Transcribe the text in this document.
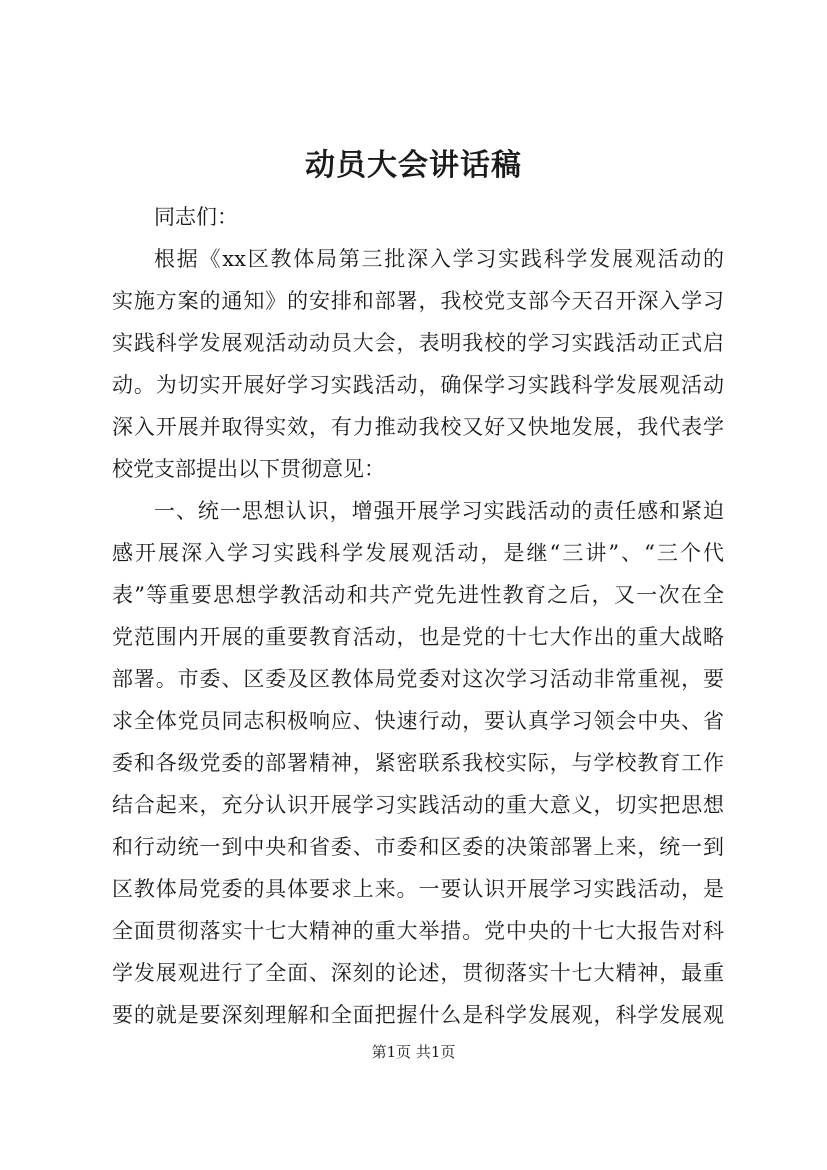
动员大会讲话稿
同志们：
根据《xx区教体局第三批深入学习实践科学发展观活动的
实施方案的通知》的安排和部署，我校党支部今天召开深入学习
实践科学发展观活动动员大会，表明我校的学习实践活动正式启
动。为切实开展好学习实践活动，确保学习实践科学发展观活动
深入开展并取得实效，有力推动我校又好又快地发展，我代表学
校党支部提出以下贯彻意见：
一、统一思想认识，增强开展学习实践活动的责任感和紧迫
感开展深入学习实践科学发展观活动，是继“三讲”、“三个代
表”等重要思想学教活动和共产党先进性教育之后，又一次在全
党范围内开展的重要教育活动，也是党的十七大作出的重大战略
部署。市委、区委及区教体局党委对这次学习活动非常重视，要
求全体党员同志积极响应、快速行动，要认真学习领会中央、省
委和各级党委的部署精神，紧密联系我校实际，与学校教育工作
结合起来，充分认识开展学习实践活动的重大意义，切实把思想
和行动统一到中央和省委、市委和区委的决策部署上来，统一到
区教体局党委的具体要求上来。一要认识开展学习实践活动，是
全面贯彻落实十七大精神的重大举措。党中央的十七大报告对科
学发展观进行了全面、深刻的论述，贯彻落实十七大精神，最重
要的就是要深刻理解和全面把握什么是科学发展观，科学发展观
第1页 共1页
